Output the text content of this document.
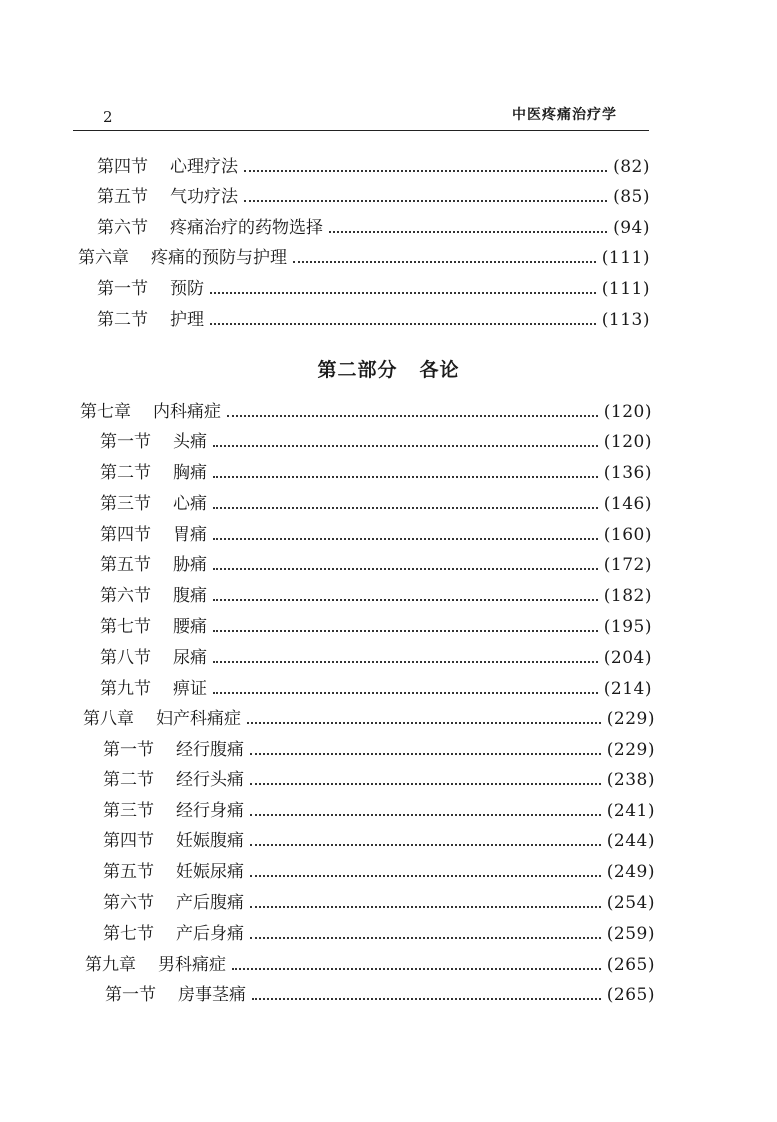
2	中医疼痛治疗学
第四节 心理疗法	(82)
第五节 气功疗法	(85)
第六节 疼痛治疗的药物选择	(94)
第六章 疼痛的预防与护理	(111)
第一节 预防	(111)
第二节 护理	(113)
第二部分 各论
第七章 内科痛症	(120)
第一节 头痛	(120)
第二节 胸痛	(136)
第三节 心痛	(146)
第四节 胃痛	(160)
第五节 胁痛	(172)
第六节 腹痛	(182)
第七节 腰痛	(195)
第八节 尿痛	(204)
第九节 痹证	(214)
第八章 妇产科痛症	(229)
第一节 经行腹痛	(229)
第二节 经行头痛	(238)
第三节 经行身痛	(241)
第四节 妊娠腹痛	(244)
第五节 妊娠尿痛	(249)
第六节 产后腹痛	(254)
第七节 产后身痛	(259)
第九章 男科痛症	(265)
第一节 房事茎痛	(265)
